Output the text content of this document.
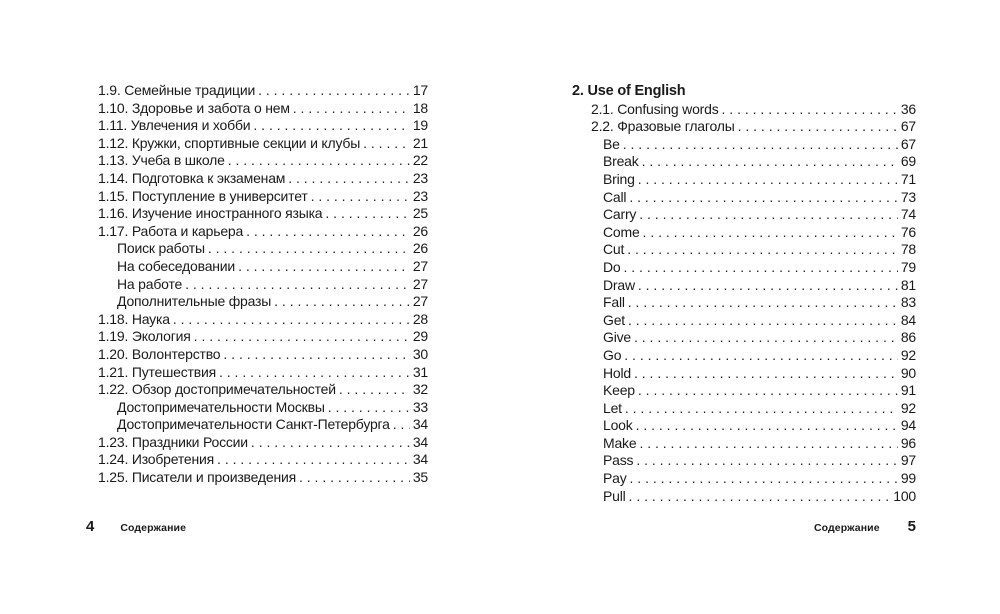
1.9. Семейные традиции . . .	17
1.10. Здоровье и забота о нем . . .	18
1.11. Увлечения и хобби . . .	19
1.12. Кружки, спортивные секции и клубы . . .	21
1.13. Учеба в школе . . .	22
1.14. Подготовка к экзаменам . . .	23
1.15. Поступление в университет . . .	23
1.16. Изучение иностранного языка . . .	25
1.17. Работа и карьера . . .	26
Поиск работы . . .	26
На собеседовании . . .	27
На работе . . .	27
Дополнительные фразы . . .	27
1.18. Наука . . .	28
1.19. Экология . . .	29
1.20. Волонтерство . . .	30
1.21. Путешествия . . .	31
1.22. Обзор достопримечательностей . . .	32
Достопримечательности Москвы . . .	33
Достопримечательности Санкт-Петербурга . . . 34
1.23. Праздники России . . .	34
1.24. Изобретения . . .	34
1.25. Писатели и произведения . . .	35
4 Содержание
2. Use of English
2.1. Confusing words . . .	36
2.2. Фразовые глаголы . . .	67
Be . . .	67
Break . . .	69
Bring . . .	71
Call . . .	73
Carry . . .	74
Come . . .	76
Cut . . .	78
Do . . .	79
Draw . . .	81
Fall . . .	83
Get . . .	84
Give . . .	86
Go . . .	92
Hold . . .	90
Keep . . .	91
Let . . .	92
Look . . .	94
Make . . .	96
Pass . . .	97
Pay . . .	99
Pull . . .	100
Содержание 5
